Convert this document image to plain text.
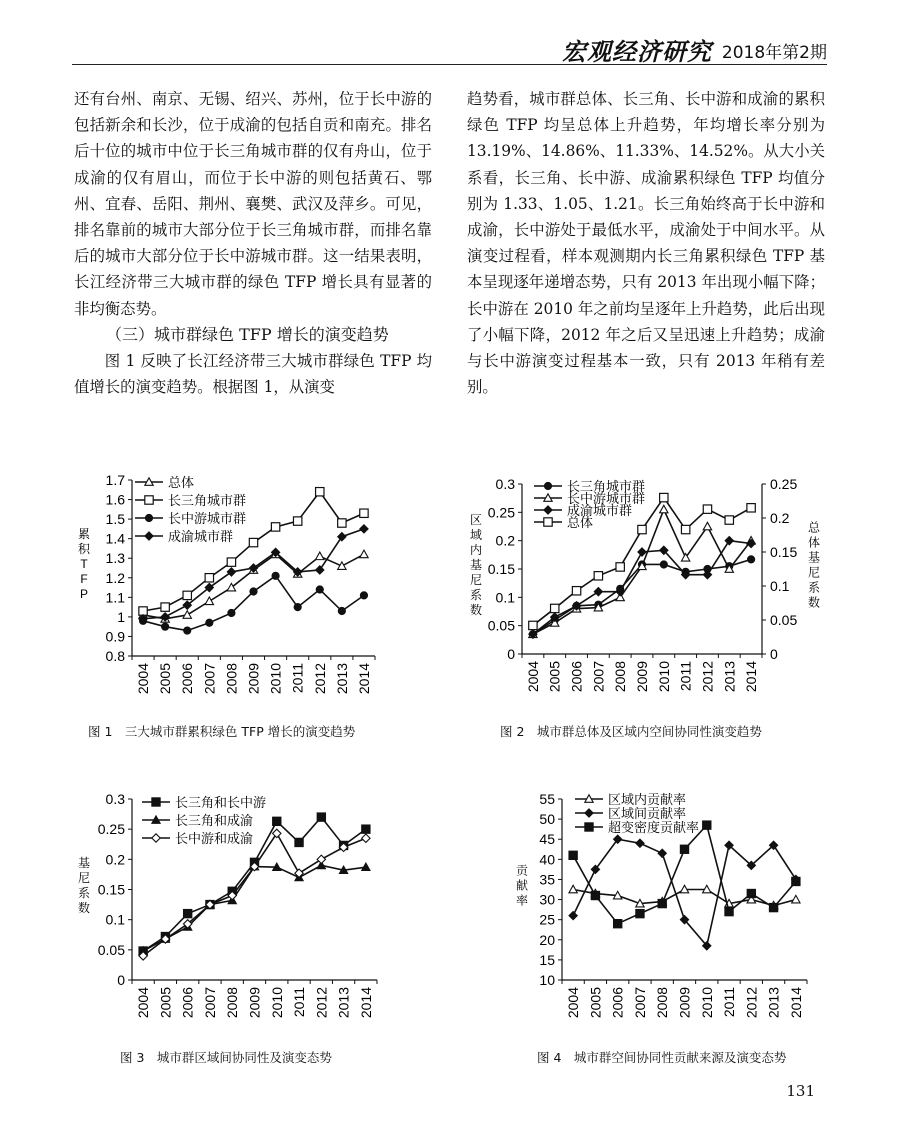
宏观经济研究 2018年第2期

还有台州、南京、无锡、绍兴、苏州，位于长中游的包括新余和长沙，位于成渝的包括自贡和南充。排名后十位的城市中位于长三角城市群的仅有舟山，位于成渝的仅有眉山，而位于长中游的则包括黄石、鄂州、宜春、岳阳、荆州、襄樊、武汉及萍乡。可见，排名靠前的城市大部分位于长三角城市群，而排名靠后的城市大部分位于长中游城市群。这一结果表明，长江经济带三大城市群的绿色 TFP 增长具有显著的非均衡态势。

（三）城市群绿色 TFP 增长的演变趋势

图 1 反映了长江经济带三大城市群绿色 TFP 均值增长的演变趋势。根据图 1，从演变

趋势看，城市群总体、长三角、长中游和成渝的累积绿色 TFP 均呈总体上升趋势，年均增长率分别为 13.19%、14.86%、11.33%、14.52%。从大小关系看，长三角、长中游、成渝累积绿色 TFP 均值分别为 1.33、1.05、1.21。长三角始终高于长中游和成渝，长中游处于最低水平，成渝处于中间水平。从演变过程看，样本观测期内长三角累积绿色 TFP 基本呈现逐年递增态势，只有 2013 年出现小幅下降；长中游在 2010 年之前均呈逐年上升趋势，此后出现了小幅下降，2012 年之后又呈迅速上升趋势；成渝与长中游演变过程基本一致，只有 2013 年稍有差别。

0.8
0.9
1
1.1
1.2
1.3
1.4
1.5
1.6
1.7
2004 2005 2006 2007 2008 2009 2010 2011 2012 2013 2014
累积 T F P
总体
长三角城市群
长中游城市群
成渝城市群
图 1　三大城市群累积绿色 TFP 增长的演变趋势
0
0.05
0.1
0.15
0.2
0.25
0.3
0
0.05
0.1
0.15
0.2
0.25
2004 2005 2006 2007 2008 2009 2010 2011 2012 2013 2014
区域内基尼系数
总体基尼系数
长三角城市群
长中游城市群
成渝城市群
总体
图 2　城市群总体及区域内空间协同性演变趋势
0
0.05
0.1
0.15
0.2
0.25
0.3
2004 2005 2006 2007 2008 2009 2010 2011 2012 2013 2014
基尼系数
长三角和长中游
长三角和成渝
长中游和成渝
图 3　城市群区域间协同性及演变态势
10
15
20
25
30
35
40
45
50
55
2004 2005 2006 2007 2008 2009 2010 2011 2012 2013 2014
贡献率
区域内贡献率
区域间贡献率
超变密度贡献率
图 4　城市群空间协同性贡献来源及演变态势
131
